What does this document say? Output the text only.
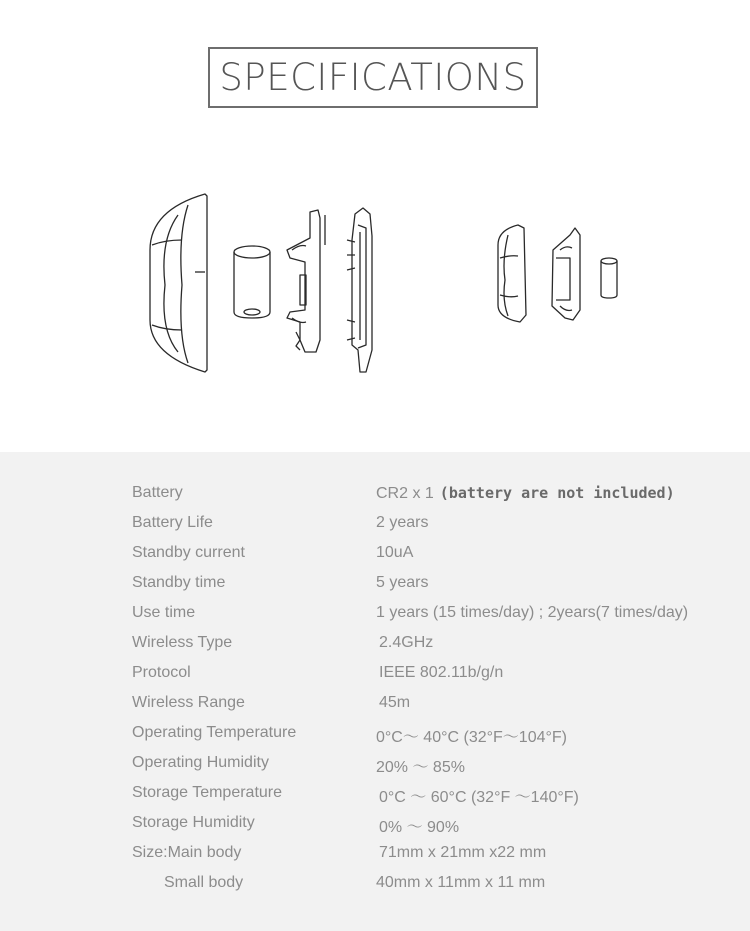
SPECIFICATIONS
Battery	CR2 x 1 (battery are not included)
Battery Life	2 years
Standby current	10uA
Standby time	5 years
Use time	1 years (15 times/day) ; 2years(7 times/day)
Wireless Type	2.4GHz
Protocol	IEEE 802.11b/g/n
Wireless Range	45m
Operating Temperature	0°C～ 40°C (32°F～104°F)
Operating Humidity	20% ～ 85%
Storage Temperature	0°C ～ 60°C (32°F ～140°F)
Storage Humidity	0% ～ 90%
Size:Main body	71mm x 21mm x22 mm
Small body	40mm x 11mm x 11 mm
